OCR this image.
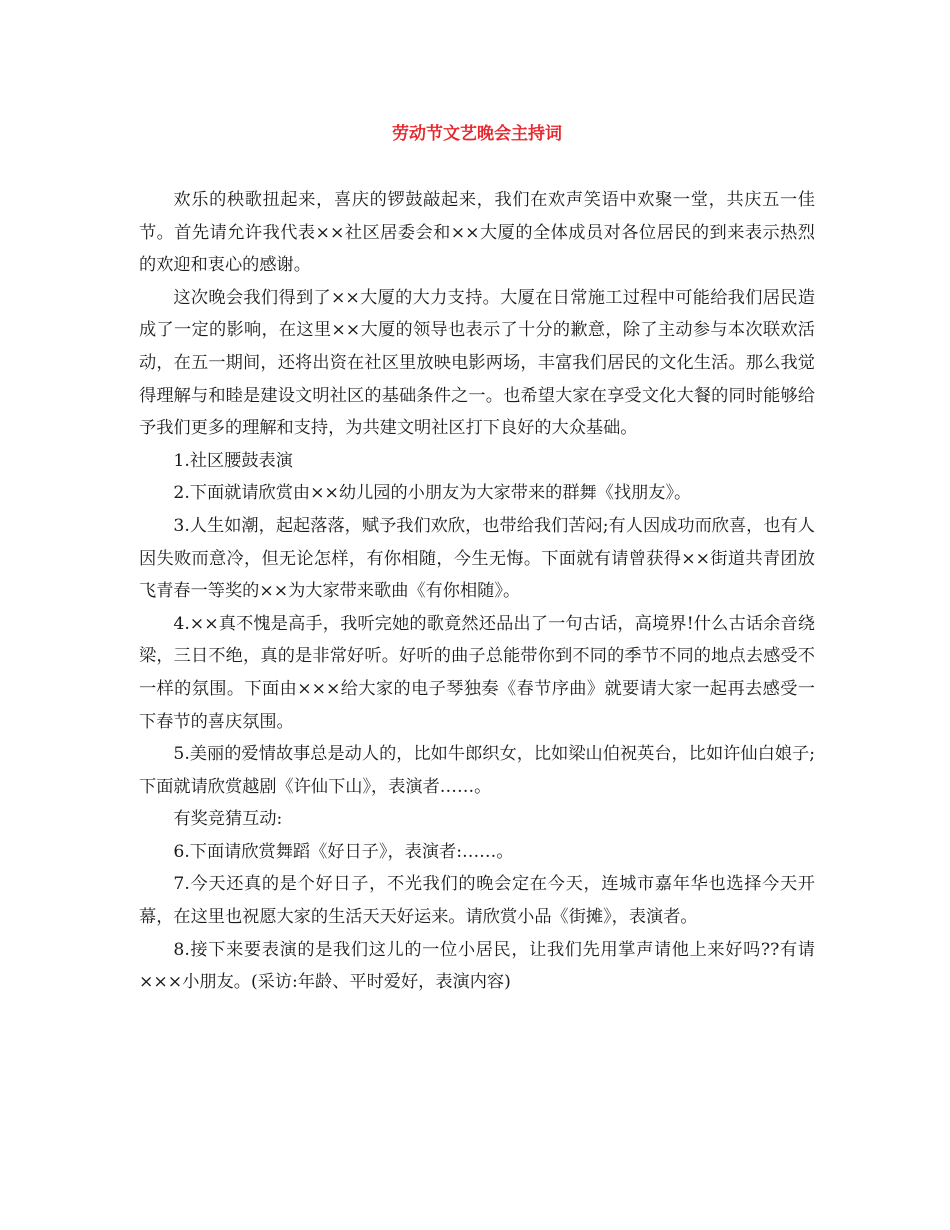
劳动节文艺晚会主持词

欢乐的秧歌扭起来，喜庆的锣鼓敲起来，我们在欢声笑语中欢聚一堂，共庆五一佳节。首先请允许我代表××社区居委会和××大厦的全体成员对各位居民的到来表示热烈的欢迎和衷心的感谢。

这次晚会我们得到了××大厦的大力支持。大厦在日常施工过程中可能给我们居民造成了一定的影响，在这里××大厦的领导也表示了十分的歉意，除了主动参与本次联欢活动，在五一期间，还将出资在社区里放映电影两场，丰富我们居民的文化生活。那么我觉得理解与和睦是建设文明社区的基础条件之一。也希望大家在享受文化大餐的同时能够给予我们更多的理解和支持，为共建文明社区打下良好的大众基础。

1.社区腰鼓表演

2.下面就请欣赏由××幼儿园的小朋友为大家带来的群舞《找朋友》。

3.人生如潮，起起落落，赋予我们欢欣，也带给我们苦闷;有人因成功而欣喜，也有人因失败而意冷，但无论怎样，有你相随，今生无悔。下面就有请曾获得××街道共青团放飞青春一等奖的××为大家带来歌曲《有你相随》。

4.××真不愧是高手，我听完她的歌竟然还品出了一句古话，高境界!什么古话余音绕梁，三日不绝，真的是非常好听。好听的曲子总能带你到不同的季节不同的地点去感受不一样的氛围。下面由×××给大家的电子琴独奏《春节序曲》就要请大家一起再去感受一下春节的喜庆氛围。

5.美丽的爱情故事总是动人的，比如牛郎织女，比如梁山伯祝英台，比如许仙白娘子;下面就请欣赏越剧《许仙下山》，表演者……。

有奖竞猜互动:

6.下面请欣赏舞蹈《好日子》，表演者:……。

7.今天还真的是个好日子，不光我们的晚会定在今天，连城市嘉年华也选择今天开幕，在这里也祝愿大家的生活天天好运来。请欣赏小品《街摊》，表演者。

8.接下来要表演的是我们这儿的一位小居民，让我们先用掌声请他上来好吗??有请×××小朋友。(采访:年龄、平时爱好，表演内容)
